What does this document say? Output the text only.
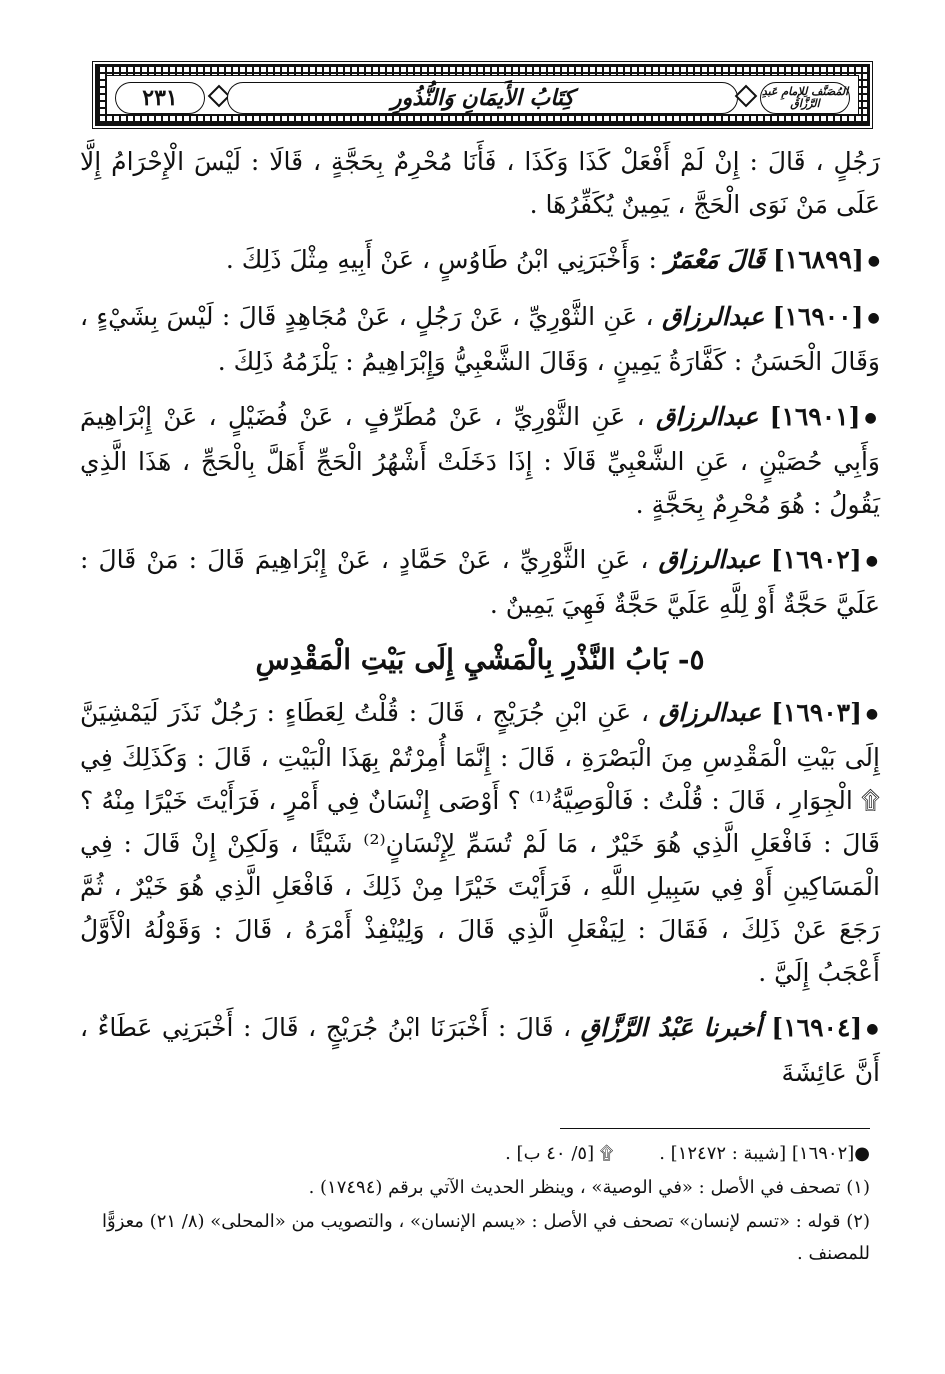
٢٣١	كِتَابُ الأَيمَانِ وَالنُّذُورِ	المُصَنَّف لِلإِمامِ عَبدِ الرَّزَّاق

رَجُلٍ ، قَالَ : إِنْ لَمْ أَفْعَلْ كَذَا وَكَذَا ، فَأَنَا مُحْرِمٌ بِحَجَّةٍ ، قَالَا : لَيْسَ الْإِحْرَامُ إِلَّا عَلَى مَنْ نَوَى الْحَجَّ ، يَمِينٌ يُكَفِّرُهَا .

●[١٦٨٩٩] قَالَ مَعْمَرٌ : وَأَخْبَرَنِي ابْنُ طَاوُسٍ ، عَنْ أَبِيهِ مِثْلَ ذَلِكَ .

●[١٦٩٠٠] عبدالرزاق ، عَنِ الثَّوْرِيِّ ، عَنْ رَجُلٍ ، عَنْ مُجَاهِدٍ قَالَ : لَيْسَ بِشَيْءٍ ، وَقَالَ الْحَسَنُ : كَفَّارَةُ يَمِينٍ ، وَقَالَ الشَّعْبِيُّ وَإِبْرَاهِيمُ : يَلْزَمُهُ ذَلِكَ .

●[١٦٩٠١] عبدالرزاق ، عَنِ الثَّوْرِيِّ ، عَنْ مُطَرِّفٍ ، عَنْ فُضَيْلٍ ، عَنْ إِبْرَاهِيمَ وَأَبِي حُصَيْنٍ ، عَنِ الشَّعْبِيِّ قَالَا : إِذَا دَخَلَتْ أَشْهُرُ الْحَجِّ أَهَلَّ بِالْحَجِّ ، هَذَا الَّذِي يَقُولُ : هُوَ مُحْرِمٌ بِحَجَّةٍ .

●[١٦٩٠٢] عبدالرزاق ، عَنِ الثَّوْرِيِّ ، عَنْ حَمَّادٍ ، عَنْ إِبْرَاهِيمَ قَالَ : مَنْ قَالَ : عَلَيَّ حَجَّةٌ أَوْ لِلَّهِ عَلَيَّ حَجَّةٌ فَهِيَ يَمِينٌ .

٥- بَابُ النَّذْرِ بِالْمَشْيِ إِلَى بَيْتِ الْمَقْدِسِ

●[١٦٩٠٣] عبدالرزاق ، عَنِ ابْنِ جُرَيْجٍ ، قَالَ : قُلْتُ لِعَطَاءٍ : رَجُلٌ نَذَرَ لَيَمْشِيَنَّ إِلَى بَيْتِ الْمَقْدِسِ مِنَ الْبَصْرَةِ ، قَالَ : إِنَّمَا أُمِرْتُمْ بِهَذَا الْبَيْتِ ، قَالَ : وَكَذَلِكَ فِي ۩ الْجِوَارِ ، قَالَ : قُلْتُ : فَالْوَصِيَّةُ⁽¹⁾ ؟ أَوْصَى إِنْسَانٌ فِي أَمْرٍ ، فَرَأَيْتَ خَيْرًا مِنْهُ ؟ قَالَ : فَافْعَلِ الَّذِي هُوَ خَيْرٌ ، مَا لَمْ تُسَمِّ لِإِنْسَانٍ⁽²⁾ شَيْئًا ، وَلَكِنْ إِنْ قَالَ : فِي الْمَسَاكِينِ أَوْ فِي سَبِيلِ اللَّهِ ، فَرَأَيْتَ خَيْرًا مِنْ ذَلِكَ ، فَافْعَلِ الَّذِي هُوَ خَيْرٌ ، ثُمَّ رَجَعَ عَنْ ذَلِكَ ، فَقَالَ : لِيَفْعَلِ الَّذِي قَالَ ، وَلِيُنْفِذْ أَمْرَهُ ، قَالَ : وَقَوْلُهُ الْأَوَّلُ أَعْجَبُ إِلَيَّ .

●[١٦٩٠٤] أخبرنا عَبْدُ الرَّزَّاقِ ، قَالَ : أَخْبَرَنَا ابْنُ جُرَيْجٍ ، قَالَ : أَخْبَرَنِي عَطَاءٌ ، أَنَّ عَائِشَةَ

●[١٦٩٠٢] [شيبة : ١٢٤٧٢] . ۩ [٥/ ٤٠ ب] .
(١) تصحف في الأصل : «في الوصية» ، وينظر الحديث الآتي برقم (١٧٤٩٤) .
(٢) قوله : «تسم لإنسان» تصحف في الأصل : «يسم الإنسان» ، والتصويب من «المحلى» (٨/ ٢١) معزوًّا للمصنف .
